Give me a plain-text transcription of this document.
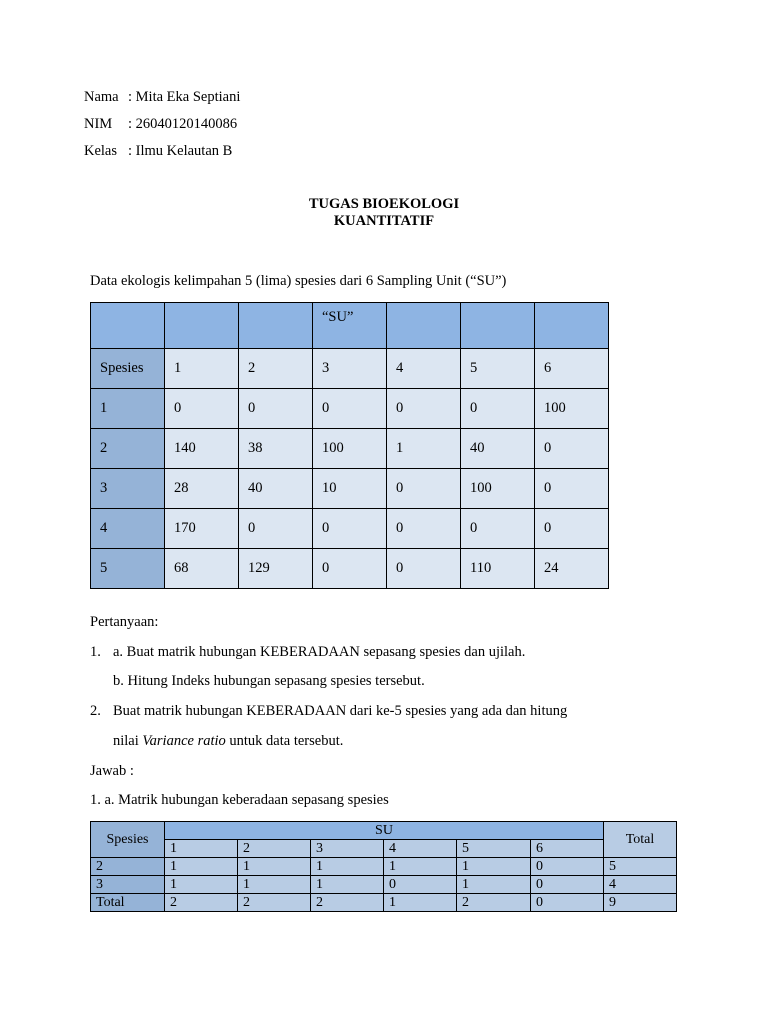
Nama : Mita Eka Septiani
NIM	: 26040120140086
Kelas : Ilmu Kelautan B
TUGAS BIOEKOLOGI
KUANTITATIF
Data ekologis kelimpahan 5 (lima) spesies dari 6 Sampling Unit (“SU”)
			“SU”			
Spesies	1	2	3	4	5	6
1	0	0	0	0	0	100
2	140	38	100	1	40	0
3	28	40	10	0	100	0
4	170	0	0	0	0	0
5	68	129	0	0	110	24
Pertanyaan:
1. a. Buat matrik hubungan KEBERADAAN sepasang spesies dan ujilah.
b. Hitung Indeks hubungan sepasang spesies tersebut.
2. Buat matrik hubungan KEBERADAAN dari ke-5 spesies yang ada dan hitung
nilai Variance ratio untuk data tersebut.
Jawab :
1. a. Matrik hubungan keberadaan sepasang spesies
Spesies	SU						Total
	1	2	3	4	5	6	
2	1	1	1	1	1	0	5
3	1	1	1	0	1	0	4
Total	2	2	2	1	2	0	9
